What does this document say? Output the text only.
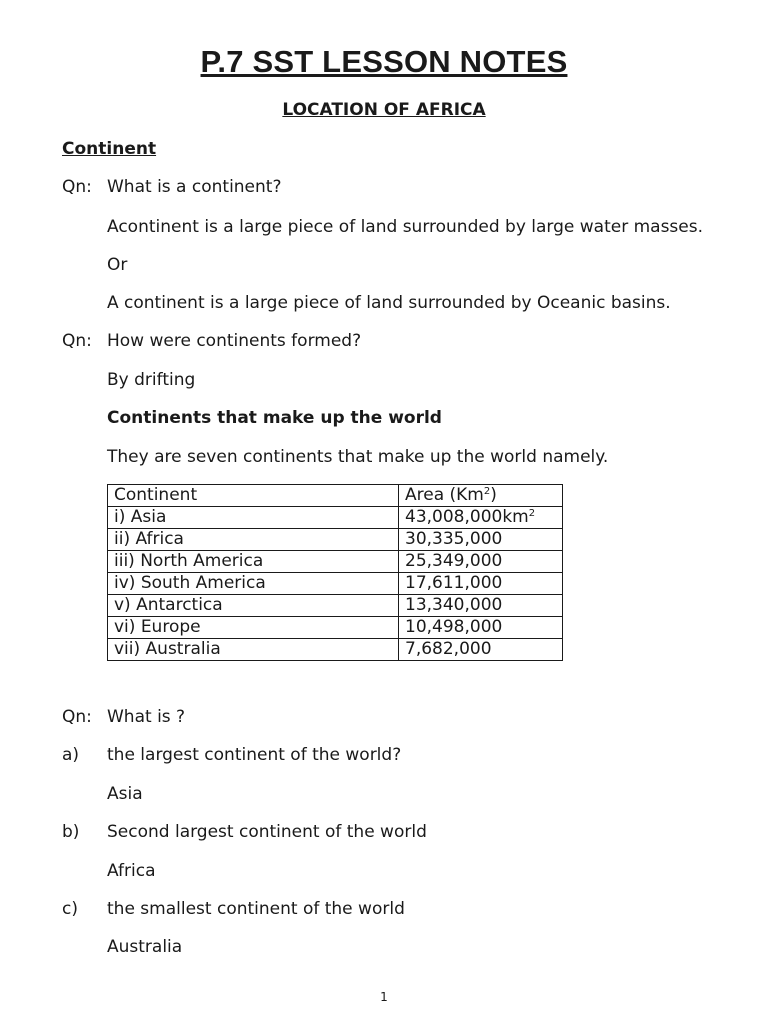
P.7 SST LESSON NOTES
LOCATION OF AFRICA
Continent
Qn: What is a continent?
Acontinent is a large piece of land surrounded by large water masses.
Or
A continent is a large piece of land surrounded by Oceanic basins.
Qn: How were continents formed?
By drifting
Continents that make up the world
They are seven continents that make up the world namely.
Continent	Area (Km$^2$)
i) Asia	$43,008,000km^2$
ii) Africa	30,335,000
iii) North America	25,349,000
iv) South America	17,611,000
v) Antarctica	13,340,000
vi) Europe	10,498,000
vii) Australia	7,682,000
Qn: What is ?
a) the largest continent of the world?
Asia
b) Second largest continent of the world
Africa
c) the smallest continent of the world
Australia
1
